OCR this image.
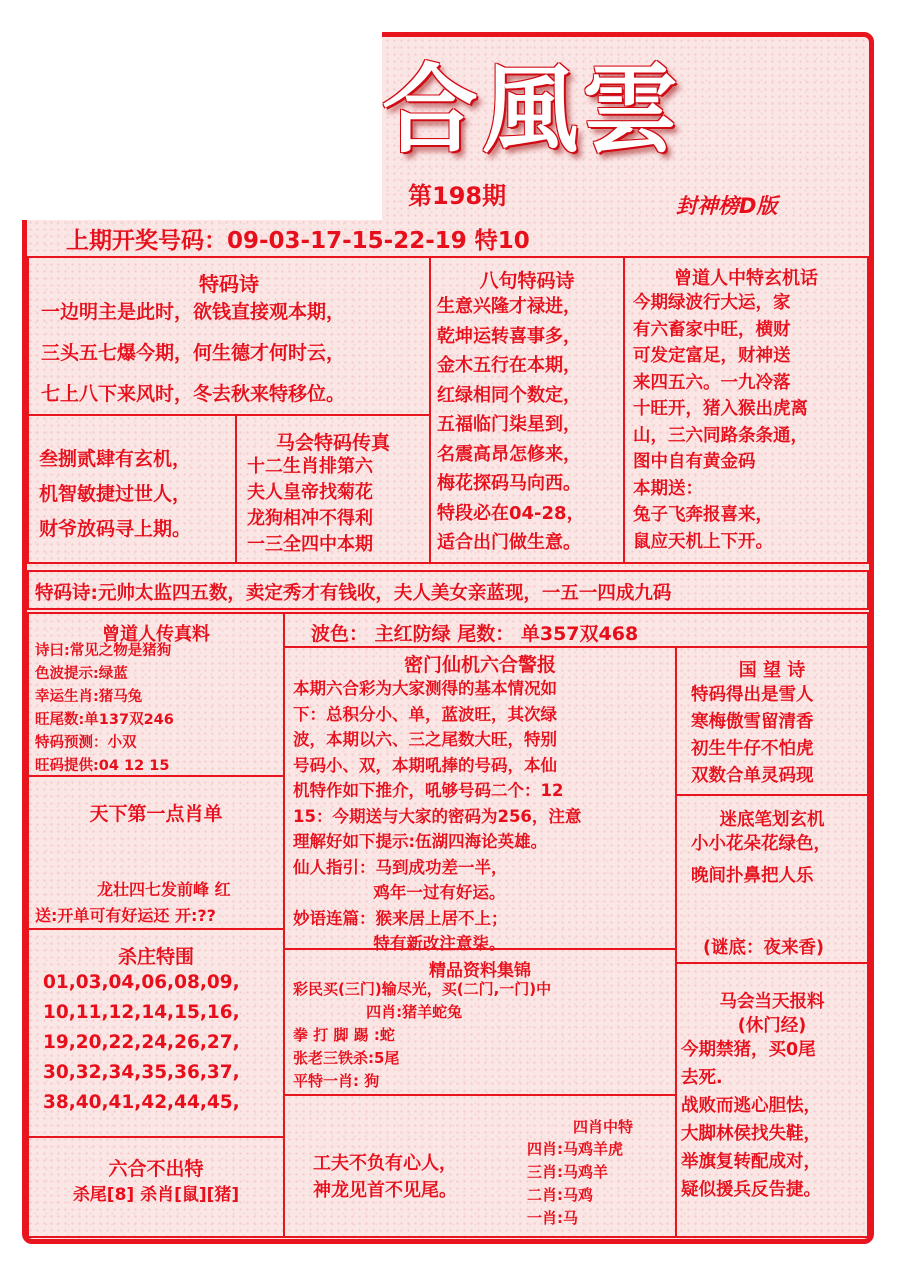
合風雲
第198期	封神榜D版
上期开奖号码：09-03-17-15-22-19 特10
特码诗
一边明主是此时，欲钱直接观本期，
三头五七爆今期，何生德才何时云，
七上八下来风时，冬去秋来特移位。
叁捌贰肆有玄机，
机智敏捷过世人，
财爷放码寻上期。
马会特码传真
十二生肖排第六
夫人皇帝找菊花
龙狗相冲不得利
一三全四中本期
八句特码诗
生意兴隆才禄进，
乾坤运转喜事多，
金木五行在本期，
红绿相同个数定，
五福临门柒星到，
名震高昂怎修来，
梅花探码马向西。
特段必在04-28，
适合出门做生意。
曾道人中特玄机话
今期绿波行大运，家
有六畜家中旺，横财
可发定富足，财神送
来四五六。一九冷落
十旺开，猪入猴出虎离
山，三六同路条条通，
图中自有黄金码
本期送：
兔子飞奔报喜来，
鼠应天机上下开。
特码诗:元帅太监四五数，卖定秀才有钱收，夫人美女亲蓝现，一五一四成九码
曾道人传真料
诗曰:常见之物是猪狗
色波提示:绿蓝
幸运生肖:猪马兔
旺尾数:单137双246
特码预测：小双
旺码提供:04 12 15
天下第一点肖单
龙壮四七发前峰 红
送:开单可有好运还 开:??
杀庄特围
01,03,04,06,08,09,
10,11,12,14,15,16,
19,20,22,24,26,27,
30,32,34,35,36,37,
38,40,41,42,44,45,
六合不出特
杀尾[8] 杀肖[鼠][猪]
波色： 主红防绿 尾数： 单357双468
密门仙机六合警报
本期六合彩为大家测得的基本情况如
下：总积分小、单，蓝波旺，其次绿
波，本期以六、三之尾数大旺，特别
号码小、双，本期吼捧的号码，本仙
机特作如下推介，吼够号码二个：12
15：今期送与大家的密码为256，注意
理解好如下提示:伍湖四海论英雄。
仙人指引：马到成功差一半，
鸡年一过有好运。
妙语连篇：猴来居上居不上；
特有新改注意柒。
精品资料集锦
彩民买(三门)输尽光，买(二门,一门)中
四肖:猪羊蛇兔
拳 打 脚 踢 :蛇
张老三铁杀:5尾
平特一肖: 狗
工夫不负有心人，
神龙见首不见尾。
四肖中特
四肖:马鸡羊虎
三肖:马鸡羊
二肖:马鸡
一肖:马
国 望 诗
特码得出是雪人
寒梅傲雪留清香
初生牛仔不怕虎
双数合单灵码现
迷底笔划玄机
小小花朵花绿色，
晚间扑鼻把人乐
(谜底：夜来香)
马会当天报料
(休门经)
今期禁猪，买0尾
去死.
战败而逃心胆怯，
大脚林侯找失鞋，
举旗复转配成对，
疑似援兵反告捷。
